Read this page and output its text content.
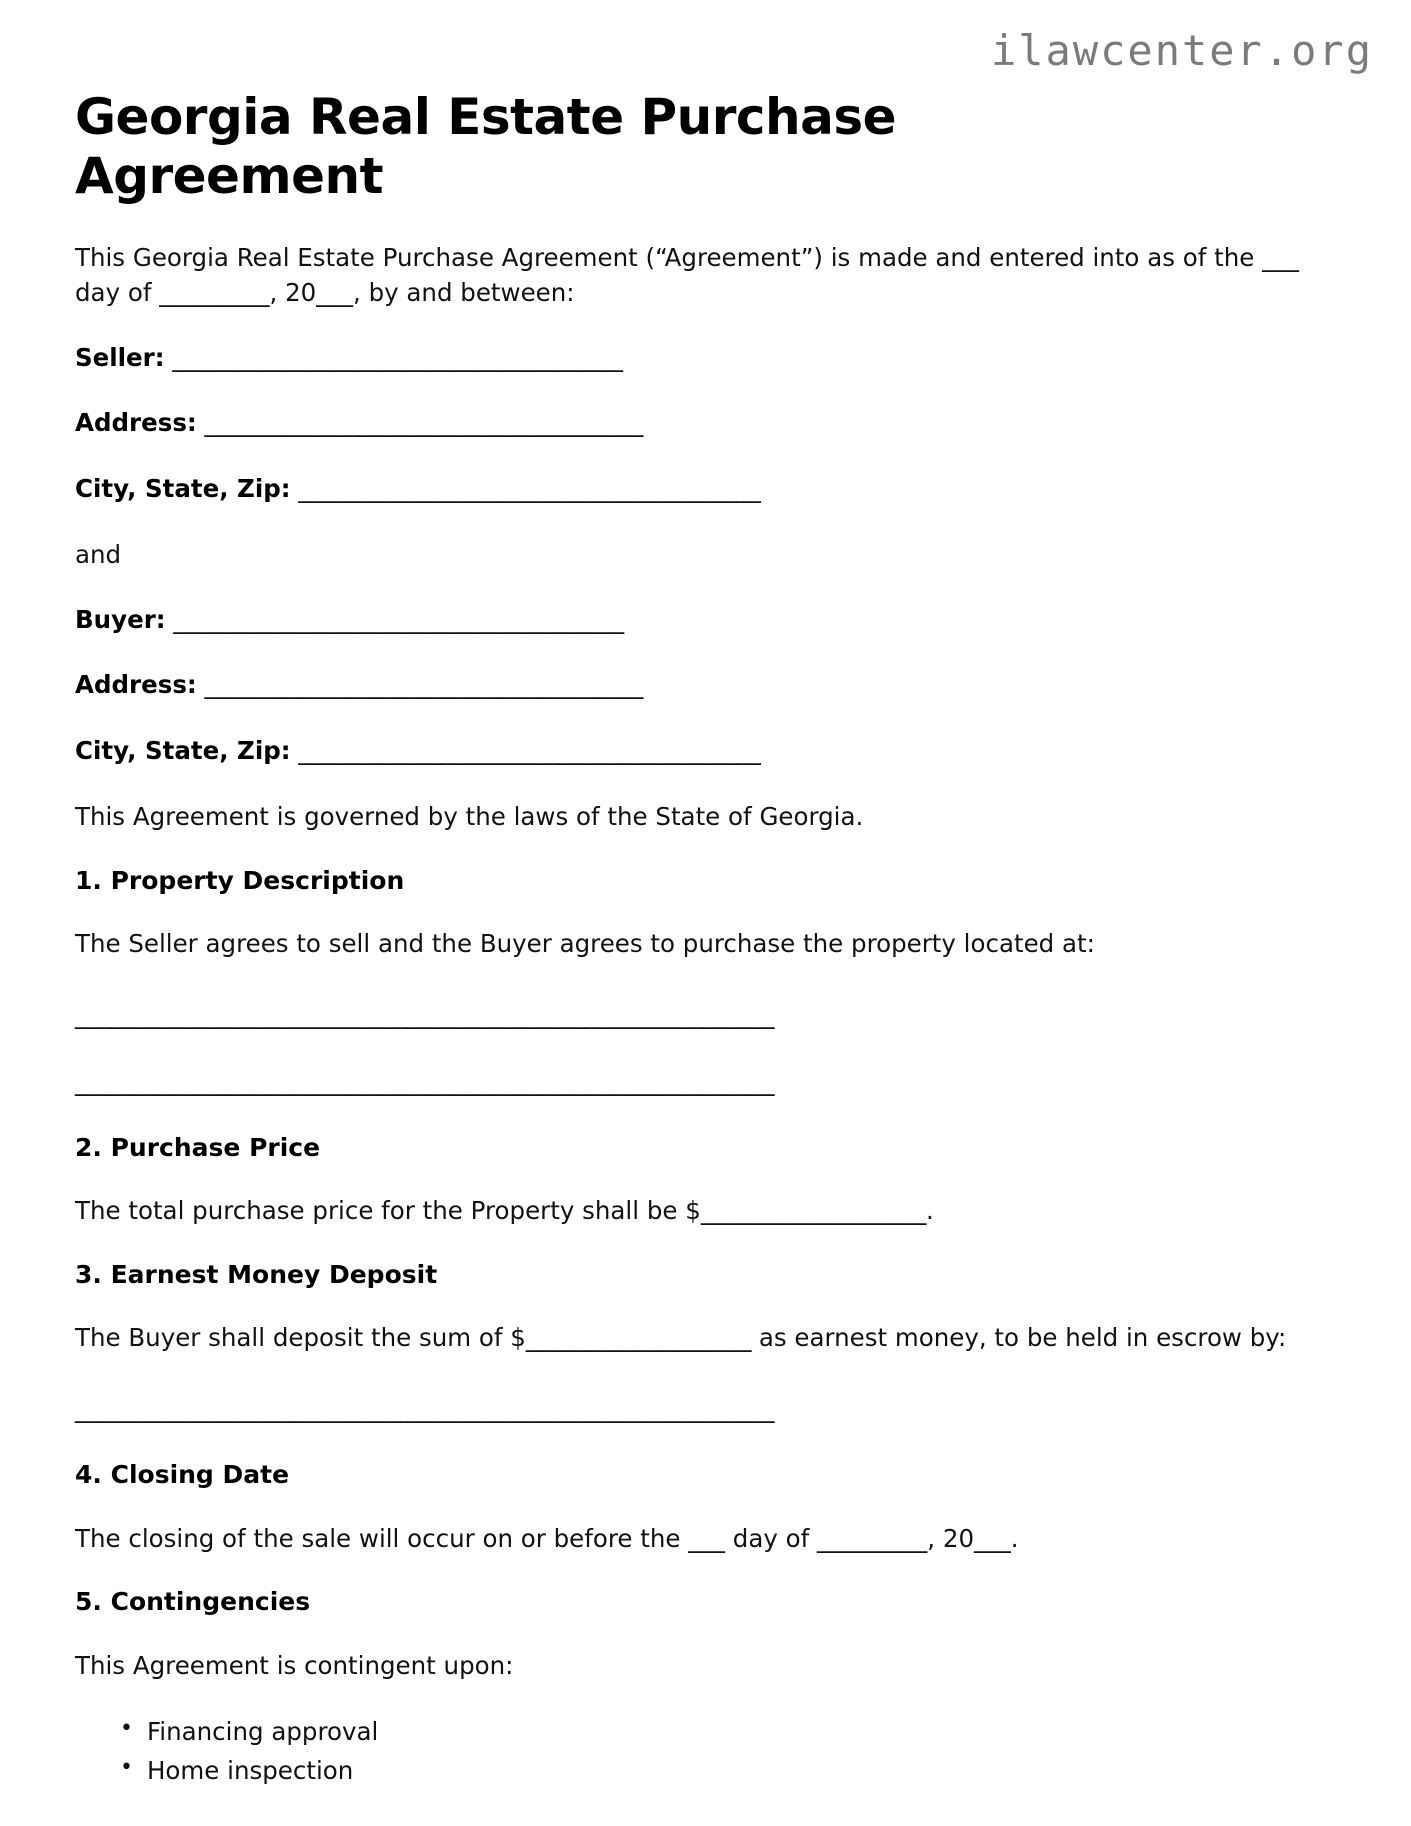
ilawcenter.org
Georgia Real Estate Purchase Agreement

This Georgia Real Estate Purchase Agreement (“Agreement”) is made and entered into as of the ___ day of _________, 20___, by and between:

Seller: ______________________________________
Address: _____________________________________
City, State, Zip: _______________________________________

and

Buyer: ______________________________________
Address: _____________________________________
City, State, Zip: _______________________________________

This Agreement is governed by the laws of the State of Georgia.

1. Property Description

The Seller agrees to sell and the Buyer agrees to purchase the property located at:

___________________________________________________________
___________________________________________________________
2. Purchase Price

The total purchase price for the Property shall be $___________________.

3. Earnest Money Deposit

The Buyer shall deposit the sum of $___________________ as earnest money, to be held in escrow by:

___________________________________________________________
4. Closing Date

The closing of the sale will occur on or before the ___ day of _________, 20___.

5. Contingencies

This Agreement is contingent upon:

• Financing approval
• Home inspection
